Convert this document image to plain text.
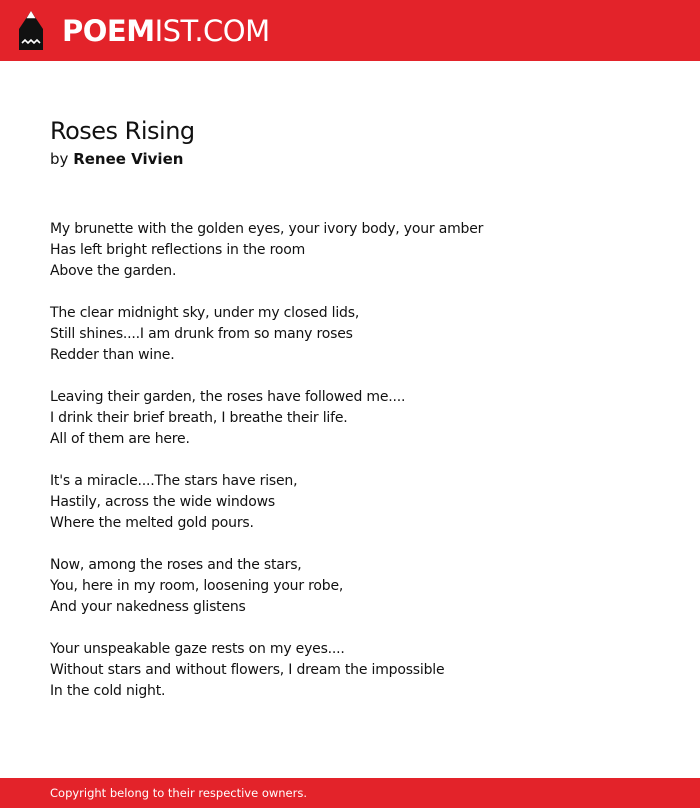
POEMIST.COM
Roses Rising
by Renee Vivien
My brunette with the golden eyes, your ivory body, your amber
Has left bright reflections in the room
Above the garden.
The clear midnight sky, under my closed lids,
Still shines....I am drunk from so many roses
Redder than wine.
Leaving their garden, the roses have followed me....
I drink their brief breath, I breathe their life.
All of them are here.
It's a miracle....The stars have risen,
Hastily, across the wide windows
Where the melted gold pours.
Now, among the roses and the stars,
You, here in my room, loosening your robe,
And your nakedness glistens
Your unspeakable gaze rests on my eyes....
Without stars and without flowers, I dream the impossible
In the cold night.
Copyright belong to their respective owners.
